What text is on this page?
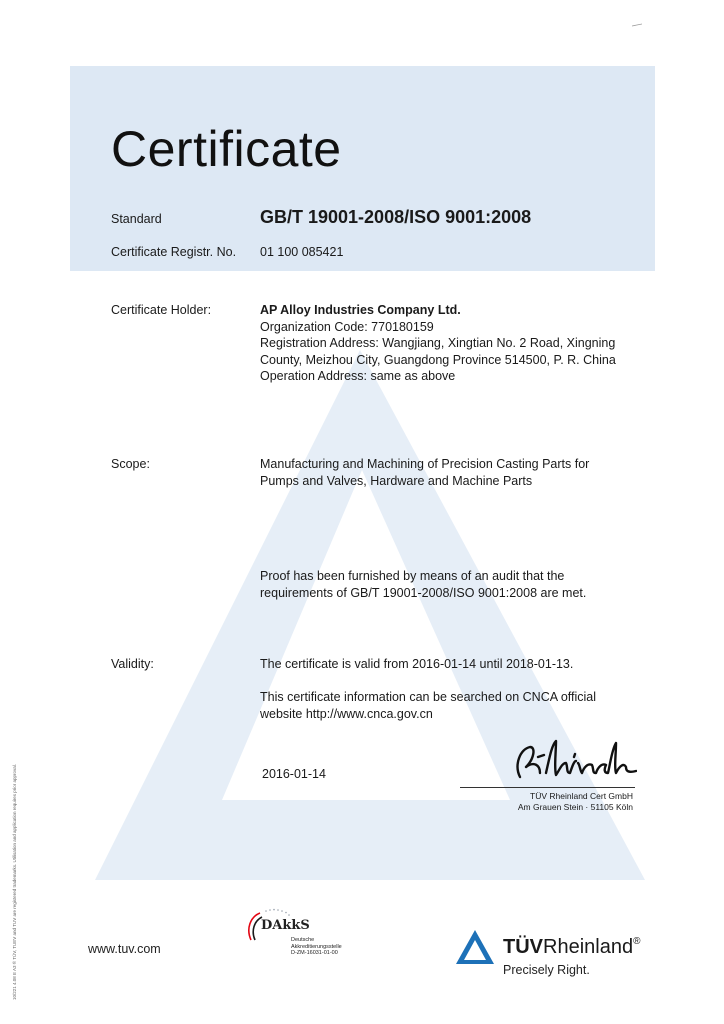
Certificate
Standard	GB/T 19001-2008/ISO 9001:2008
Certificate Registr. No. 01 100 085421
Certificate Holder:	AP Alloy Industries Company Ltd.
Organization Code: 770180159
Registration Address: Wangjiang, Xingtian No. 2 Road, Xingning
County, Meizhou City, Guangdong Province 514500, P. R. China
Operation Address: same as above
Scope:	Manufacturing and Machining of Precision Casting Parts for
Pumps and Valves, Hardware and Machine Parts
Proof has been furnished by means of an audit that the
requirements of GB/T 19001-2008/ISO 9001:2008 are met.
Validity:	The certificate is valid from 2016-01-14 until 2018-01-13.
This certificate information can be searched on CNCA official
website http://www.cnca.gov.cn
2016-01-14
TÜV Rheinland Cert GmbH
Am Grauen Stein · 51105 Köln
10/221 4.08 E A3 ® TÜV, TUEV and TUV are registered trademarks. Utilisation and application requires prior approval.	www.tuv.com
DAkkS
Deutsche
Akkreditierungsstelle
D-ZM-16031-01-00	TÜVRheinland®
Precisely Right.
